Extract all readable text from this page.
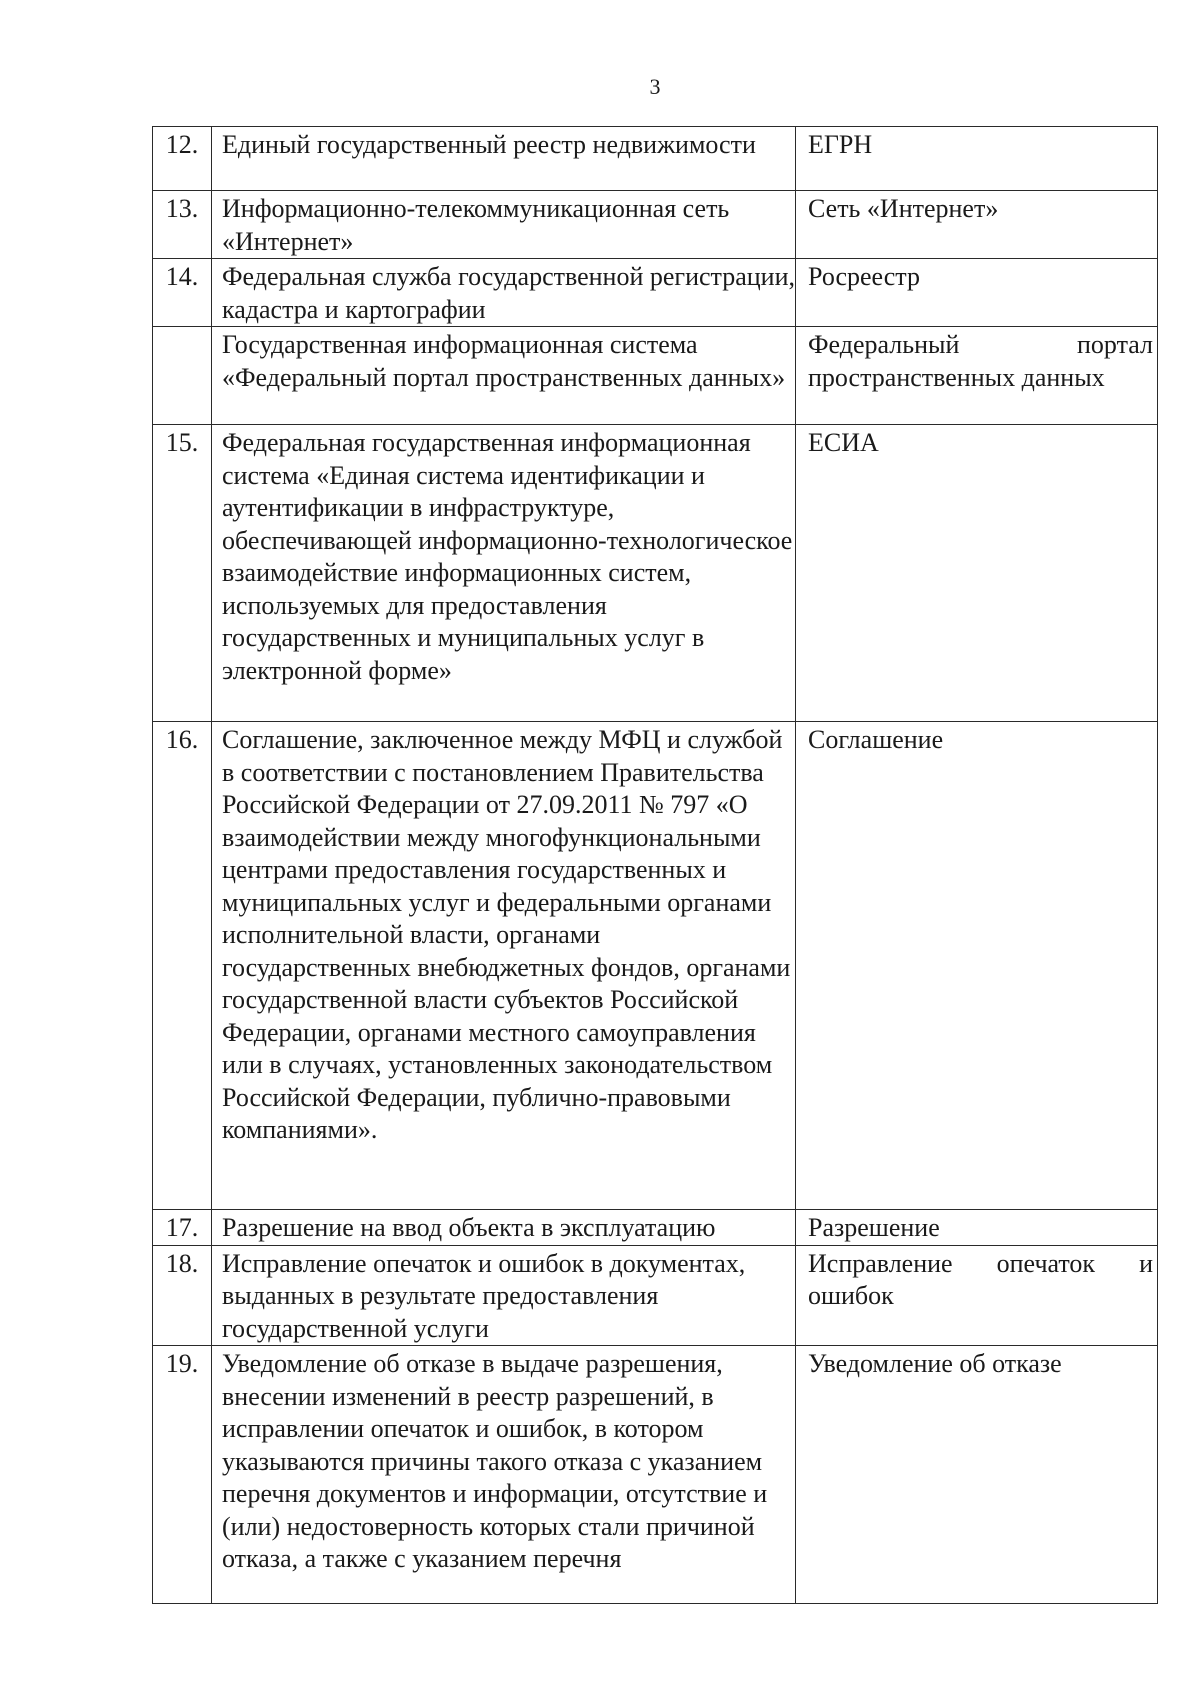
3
12.	Единый государственный реестр недвижимости	ЕГРН

13.	Информационно-телекоммуникационная сеть «Интернет»	Сеть «Интернет»

14.	Федеральная служба государственной регистрации, кадастра и картографии	Росреестр

	Государственная информационная система «Федеральный портал пространственных данных»	Федеральный портал пространственных данных

15.	Федеральная государственная информационная система «Единая система идентификации и аутентификации в инфраструктуре, обеспечивающей информационно-технологическое взаимодействие информационных систем, используемых для предоставления государственных и муниципальных услуг в электронной форме»	ЕСИА

16.	Соглашение, заключенное между МФЦ и службой в соответствии с постановлением Правительства Российской Федерации от 27.09.2011 № 797 «О взаимодействии между многофункциональными центрами предоставления государственных и муниципальных услуг и федеральными органами исполнительной власти, органами государственных внебюджетных фондов, органами государственной власти субъектов Российской Федерации, органами местного самоуправления или в случаях, установленных законодательством Российской Федерации, публично-правовыми компаниями».	Соглашение

17.	Разрешение на ввод объекта в эксплуатацию	Разрешение

18.	Исправление опечаток и ошибок в документах, выданных в результате предоставления государственной услуги	Исправление опечаток и ошибок

19.	Уведомление об отказе в выдаче разрешения, внесении изменений в реестр разрешений, в исправлении опечаток и ошибок, в котором указываются причины такого отказа с указанием перечня документов и информации, отсутствие и (или) недостоверность которых стали причиной отказа, а также с указанием перечня	Уведомление об отказе
